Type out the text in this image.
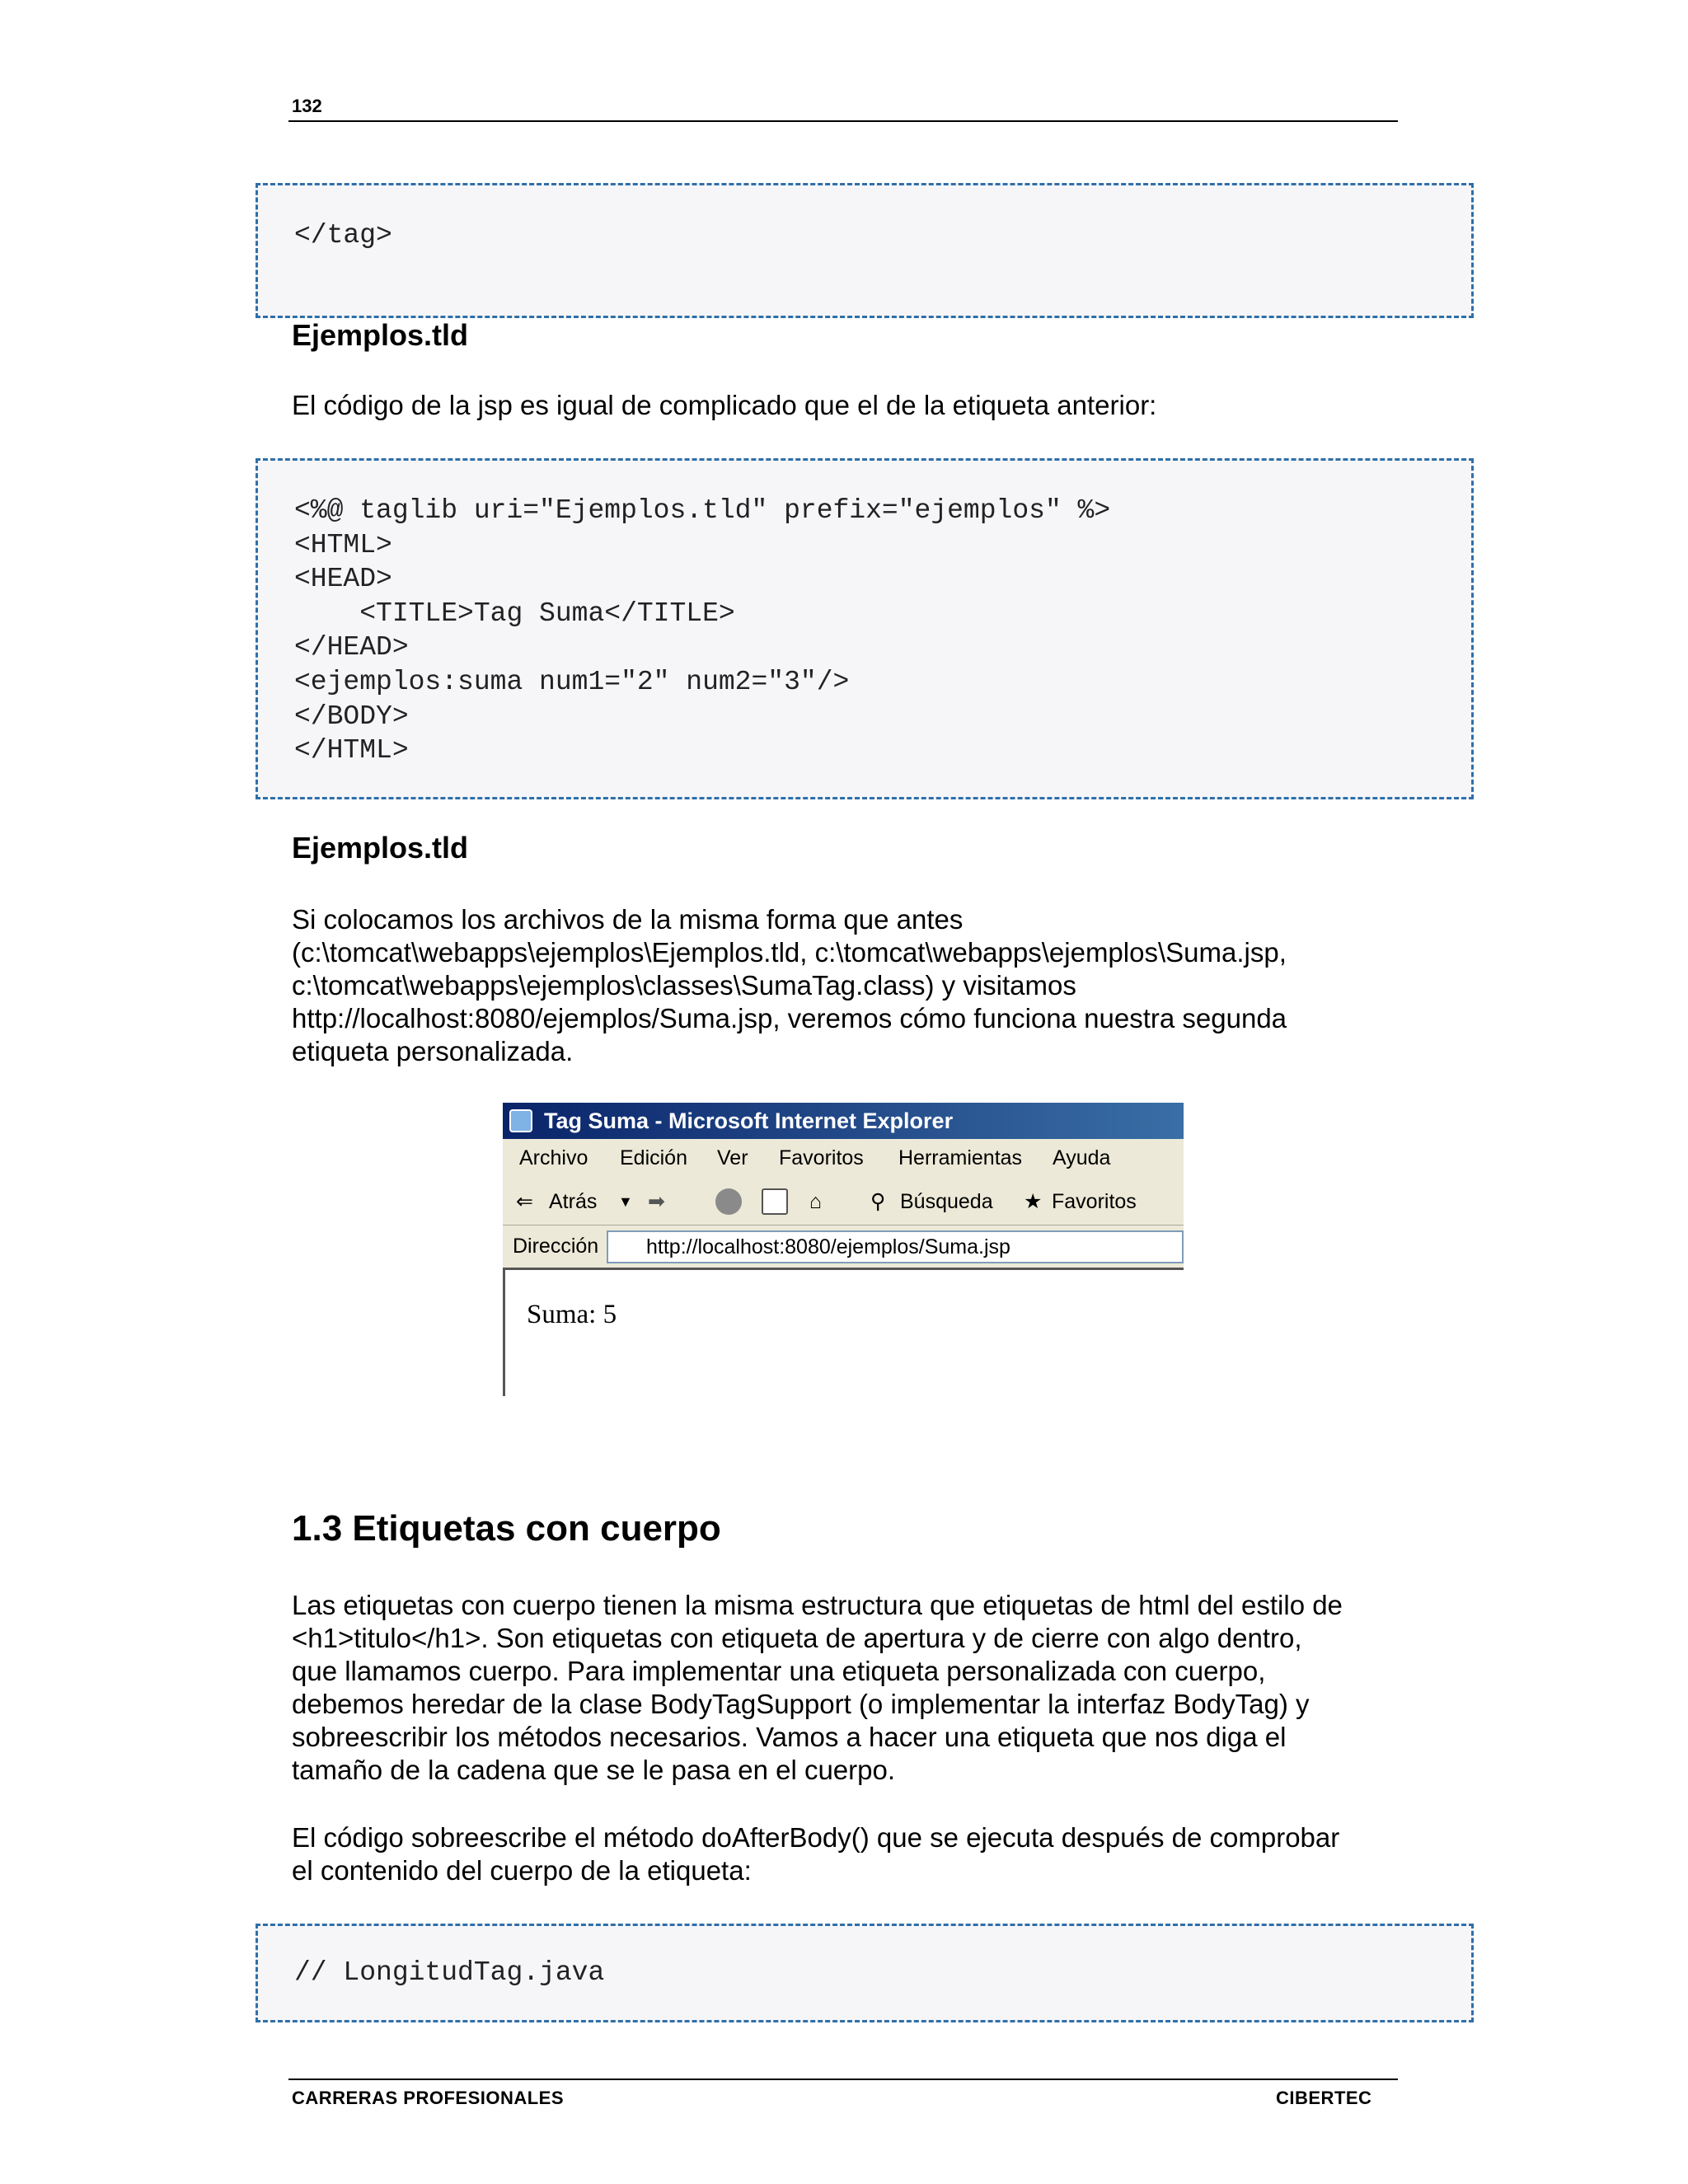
132
</tag>
Ejemplos.tld

El código de la jsp es igual de complicado que el de la etiqueta anterior:

<%@ taglib uri="Ejemplos.tld" prefix="ejemplos" %>
<HTML>
<HEAD>
<TITLE>Tag Suma</TITLE>
</HEAD>
<ejemplos:suma num1="2" num2="3"/>
</BODY>
</HTML>
Ejemplos.tld

Si colocamos los archivos de la misma forma que antes
(c:\tomcat\webapps\ejemplos\Ejemplos.tld, c:\tomcat\webapps\ejemplos\Suma.jsp,
c:\tomcat\webapps\ejemplos\classes\SumaTag.class) y visitamos
http://localhost:8080/ejemplos/Suma.jsp, veremos cómo funciona nuestra segunda
etiqueta personalizada.

Tag Suma - Microsoft Internet Explorer
Archivo Edición Ver Favoritos Herramientas Ayuda
⇐ Atrás ▼ ➡	⌂ ⚲ Búsqueda ★ Favoritos
Dirección	http://localhost:8080/ejemplos/Suma.jsp
Suma: 5
1.3 Etiquetas con cuerpo

Las etiquetas con cuerpo tienen la misma estructura que etiquetas de html del estilo de
<h1>titulo</h1>. Son etiquetas con etiqueta de apertura y de cierre con algo dentro,
que llamamos cuerpo. Para implementar una etiqueta personalizada con cuerpo,
debemos heredar de la clase BodyTagSupport (o implementar la interfaz BodyTag) y
sobreescribir los métodos necesarios. Vamos a hacer una etiqueta que nos diga el
tamaño de la cadena que se le pasa en el cuerpo.

El código sobreescribe el método doAfterBody() que se ejecuta después de comprobar
el contenido del cuerpo de la etiqueta:

// LongitudTag.java
CARRERAS PROFESIONALES	CIBERTEC
